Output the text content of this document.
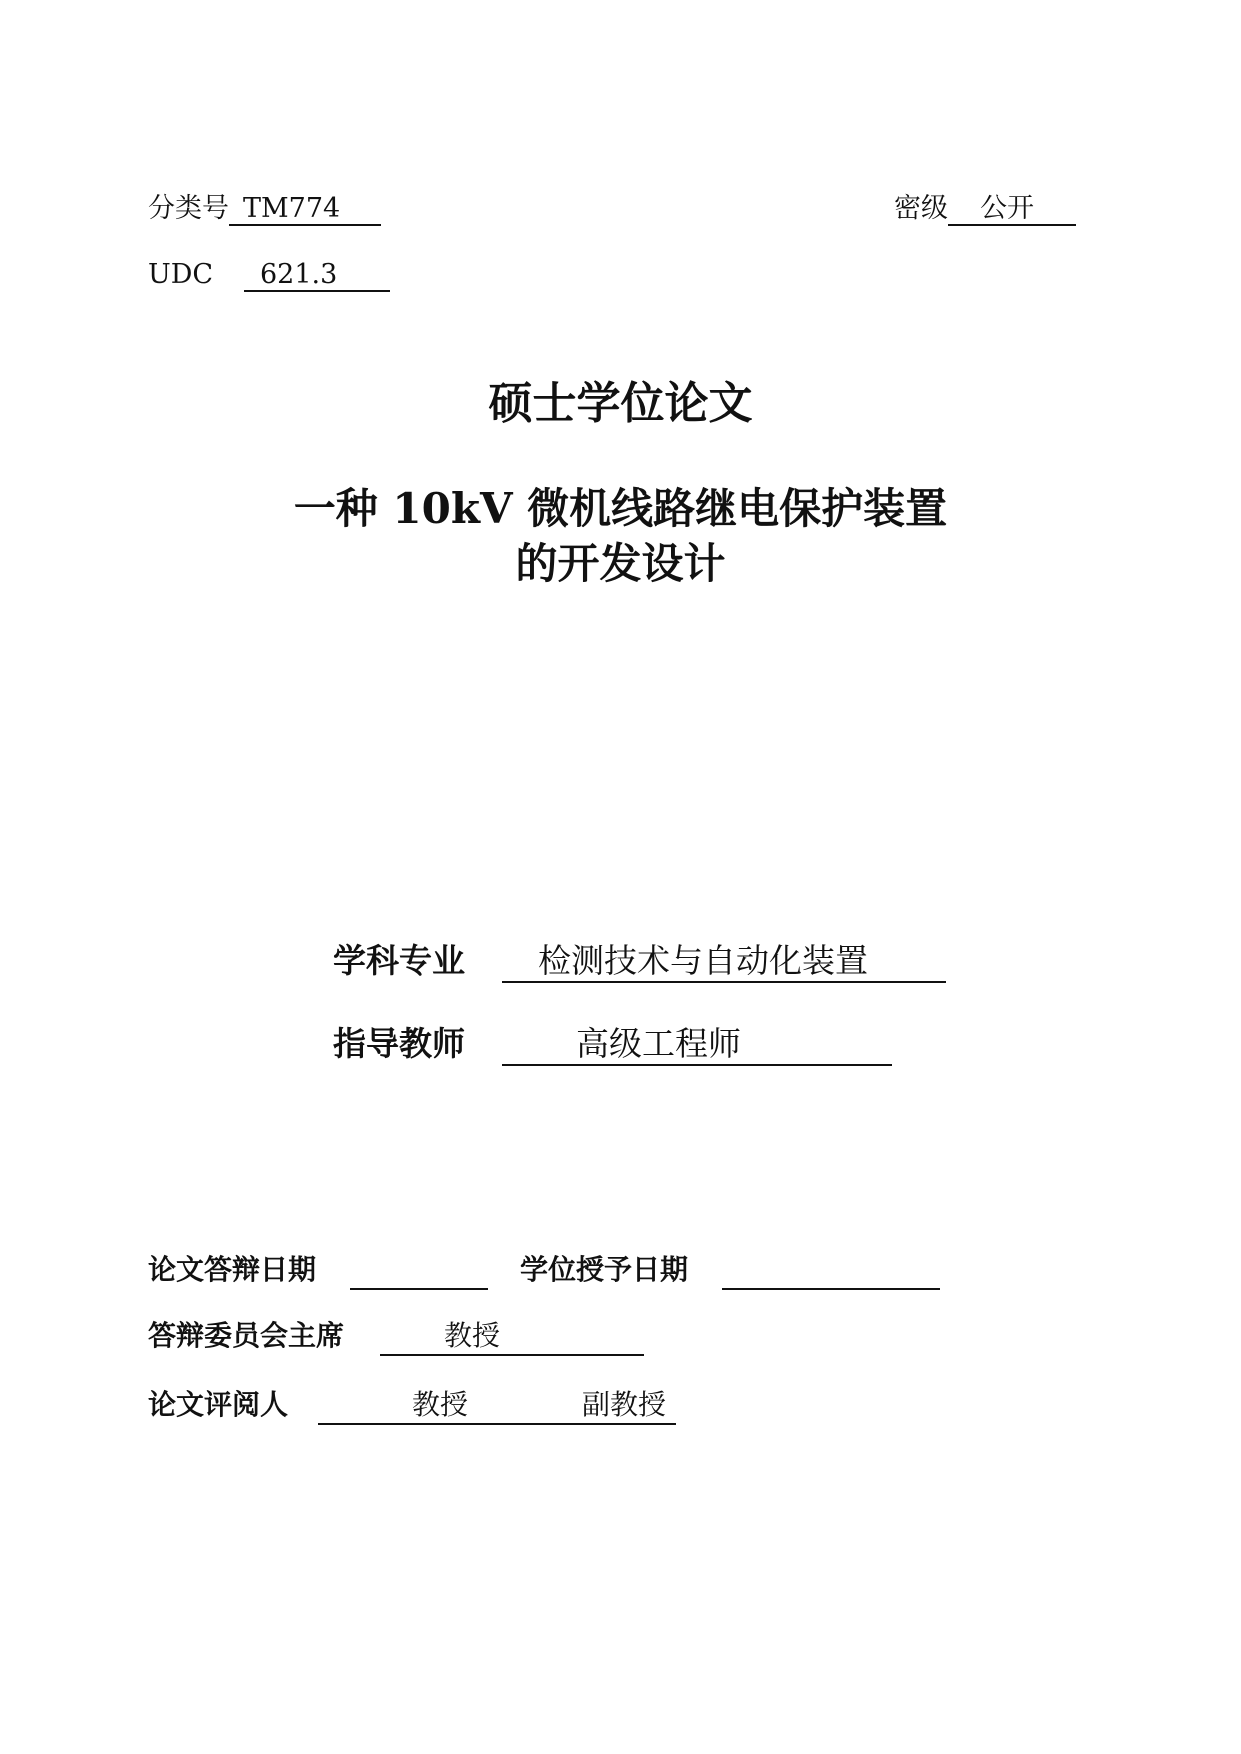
分类号 TM774	密级 公开
UDC 621.3
硕士学位论文
一种 10kV 微机线路继电保护装置
的开发设计
学科专业 检测技术与自动化装置
指导教师	高级工程师
论文答辩日期	学位授予日期
答辩委员会主席	教授
论文评阅人	教授	副教授
